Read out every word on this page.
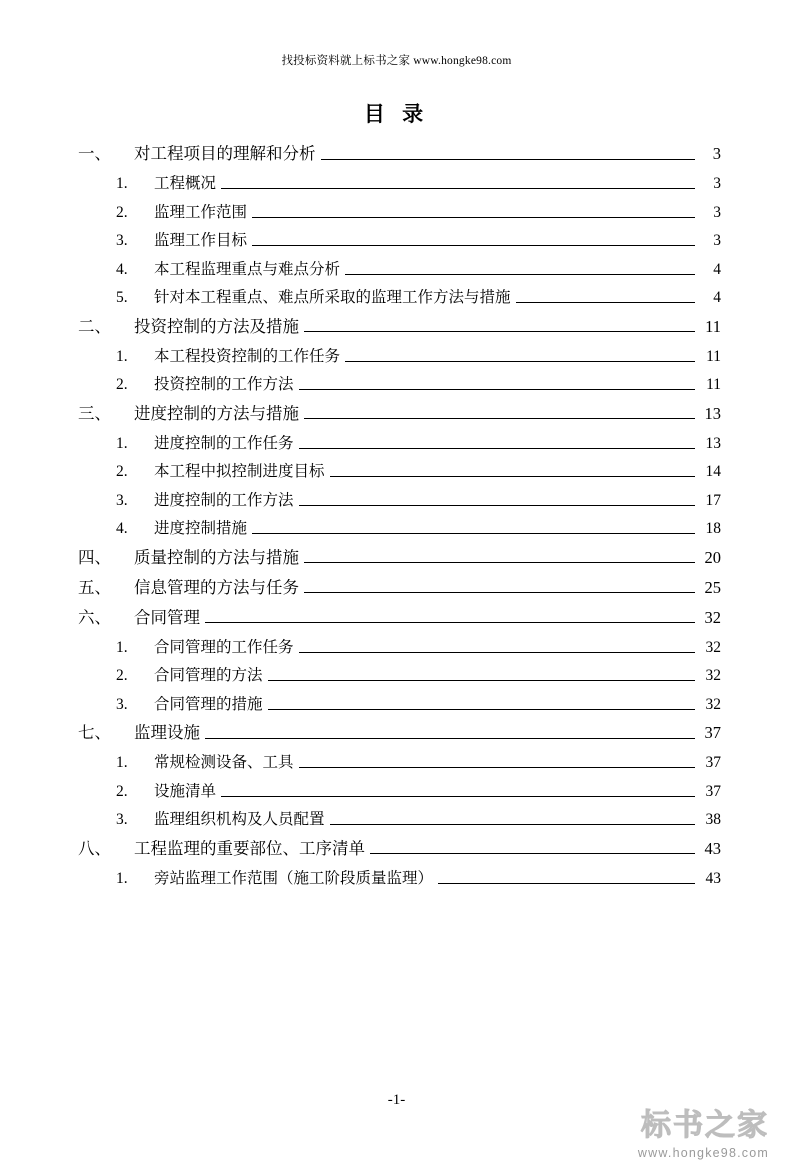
找投标资料就上标书之家 www.hongke98.com
目 录
一、	对工程项目的理解和分析	3
1.	工程概况	3
2.	监理工作范围	3
3.	监理工作目标	3
4.	本工程监理重点与难点分析	4
5.	针对本工程重点、难点所采取的监理工作方法与措施	4
二、	投资控制的方法及措施	11
1.	本工程投资控制的工作任务	11
2.	投资控制的工作方法	11
三、	进度控制的方法与措施	13
1.	进度控制的工作任务	13
2.	本工程中拟控制进度目标	14
3.	进度控制的工作方法	17
4.	进度控制措施	18
四、	质量控制的方法与措施	20
五、	信息管理的方法与任务	25
六、	合同管理	32
1.	合同管理的工作任务	32
2.	合同管理的方法	32
3.	合同管理的措施	32
七、	监理设施	37
1.	常规检测设备、工具	37
2.	设施清单	37
3.	监理组织机构及人员配置	38
八、	工程监理的重要部位、工序清单	43
1.	旁站监理工作范围（施工阶段质量监理）	43
-1-
标书之家
www.hongke98.com
